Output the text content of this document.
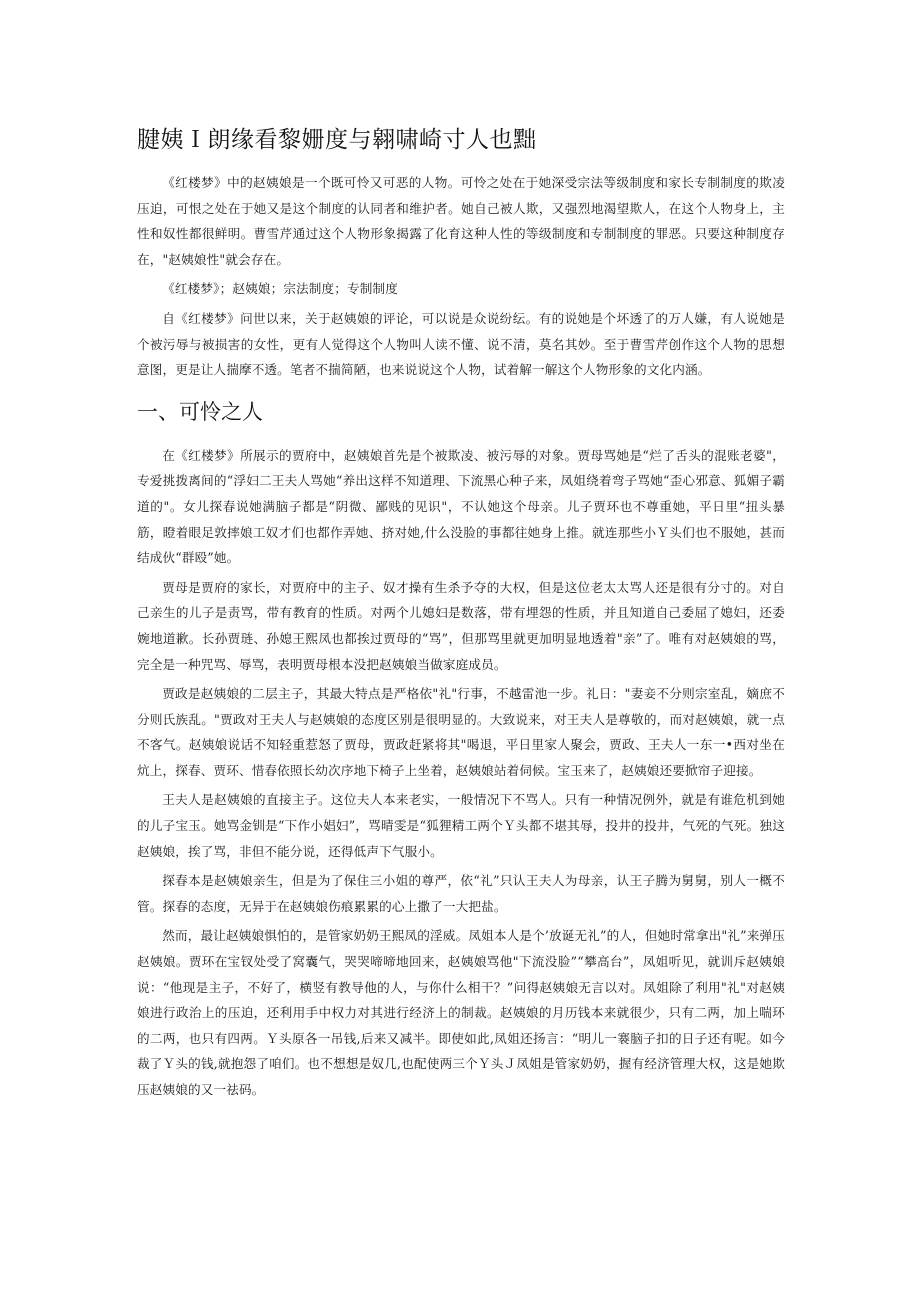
腱姨Ｉ朗缘看黎姗度与翱啸崎寸人也黜

《红楼梦》中的赵姨娘是一个既可怜又可恶的人物。可怜之处在于她深受宗法等级制度和家长专制制度的欺凌压迫，可恨之处在于她又是这个制度的认同者和维护者。她自己被人欺，又强烈地渴望欺人，在这个人物身上，主性和奴性都很鲜明。曹雪芹通过这个人物形象揭露了化育这种人性的等级制度和专制制度的罪恶。只要这种制度存在，"赵姨娘性"就会存在。

《红楼梦》；赵姨娘；宗法制度；专制制度

自《红楼梦》问世以来，关于赵姨娘的评论，可以说是众说纷纭。有的说她是个坏透了的万人嫌，有人说她是个被污辱与被损害的女性，更有人觉得这个人物叫人读不懂、说不清，莫名其妙。至于曹雪芹创作这个人物的思想意图，更是让人揣摩不透。笔者不揣简陋，也来说说这个人物，试着解一解这个人物形象的文化内涵。

一、可怜之人

在《红楼梦》所展示的贾府中，赵姨娘首先是个被欺凌、被污辱的对象。贾母骂她是“烂了舌头的混账老婆"，专爱挑拨离间的“浮妇二王夫人骂她“养出这样不知道理、下流黑心种子来，凤姐绕着弯子骂她“歪心邪意、狐媚子霸道的"。女儿探春说她满脑子都是“阴微、鄙贱的见识"，不认她这个母亲。儿子贾环也不尊重她，平日里“扭头暴筋，瞪着眼足敦摔娘工奴才们也都作弄她、挤对她,什么没脸的事都往她身上推。就连那些小Ｙ头们也不服她，甚而结成伙“群殴”她。

贾母是贾府的家长，对贾府中的主子、奴才操有生杀予夺的大权，但是这位老太太骂人还是很有分寸的。对自己亲生的儿子是责骂，带有教育的性质。对两个儿媳妇是数落，带有埋怨的性质，并且知道自己委屈了媳妇，还委婉地道歉。长孙贾琏、孙媳王熙凤也都挨过贾母的“骂”，但那骂里就更加明显地透着"亲”了。唯有对赵姨娘的骂，完全是一种咒骂、辱骂，表明贾母根本没把赵姨娘当做家庭成员。

贾政是赵姨娘的二层主子，其最大特点是严格依"礼"行事，不越雷池一步。礼日："妻妾不分则宗室乱，嫡庶不分则氏族乱。"贾政对王夫人与赵姨娘的态度区别是很明显的。大致说来，对王夫人是尊敬的，而对赵姨娘，就一点不客气。赵姨娘说话不知轻重惹怒了贾母，贾政赶紧将其"喝退，平日里家人聚会，贾政、王夫人一东一•西对坐在炕上，探春、贾环、惜春依照长幼次序地下椅子上坐着，赵姨娘站着伺候。宝玉来了，赵姨娘还要掀帘子迎接。

王夫人是赵姨娘的直接主子。这位夫人本来老实，一般情况下不骂人。只有一种情况例外，就是有谁危机到她的儿子宝玉。她骂金钏是“下作小娼妇”，骂晴雯是“狐狸精工两个Ｙ头都不堪其辱，投井的投井，气死的气死。独这赵姨娘，挨了骂，非但不能分说，还得低声下气服小。

探春本是赵姨娘亲生，但是为了保住三小姐的尊严，依“礼”只认王夫人为母亲，认王子腾为舅舅，别人一概不管。探春的态度，无异于在赵姨娘伤痕累累的心上撒了一大把盐。

然而，最让赵姨娘惧怕的，是管家奶奶王熙凤的淫威。凤姐本人是个’放诞无礼”的人，但她时常拿出"礼”来弹压赵姨娘。贾环在宝钗处受了窝囊气，哭哭啼啼地回来，赵姨娘骂他"下流没脸”“攀高台”，凤姐听见，就训斥赵姨娘说：“他现是主子，不好了，横竖有教导他的人，与你什么相干？”问得赵姨娘无言以对。凤姐除了利用"礼"对赵姨娘进行政治上的压迫，还利用手中权力对其进行经济上的制裁。赵姨娘的月历钱本来就很少，只有二两，加上喘环的二两，也只有四两。Ｙ头原各一吊钱,后来又减半。即使如此,凤姐还扬言：“明儿一褰脑子扣的日子还有呢。如今裁了Ｙ头的钱,就抱怨了咱们。也不想想是奴几,也配使两三个Ｙ头Ｊ凤姐是管家奶奶，握有经济管理大权，这是她欺压赵姨娘的又一祛码。
